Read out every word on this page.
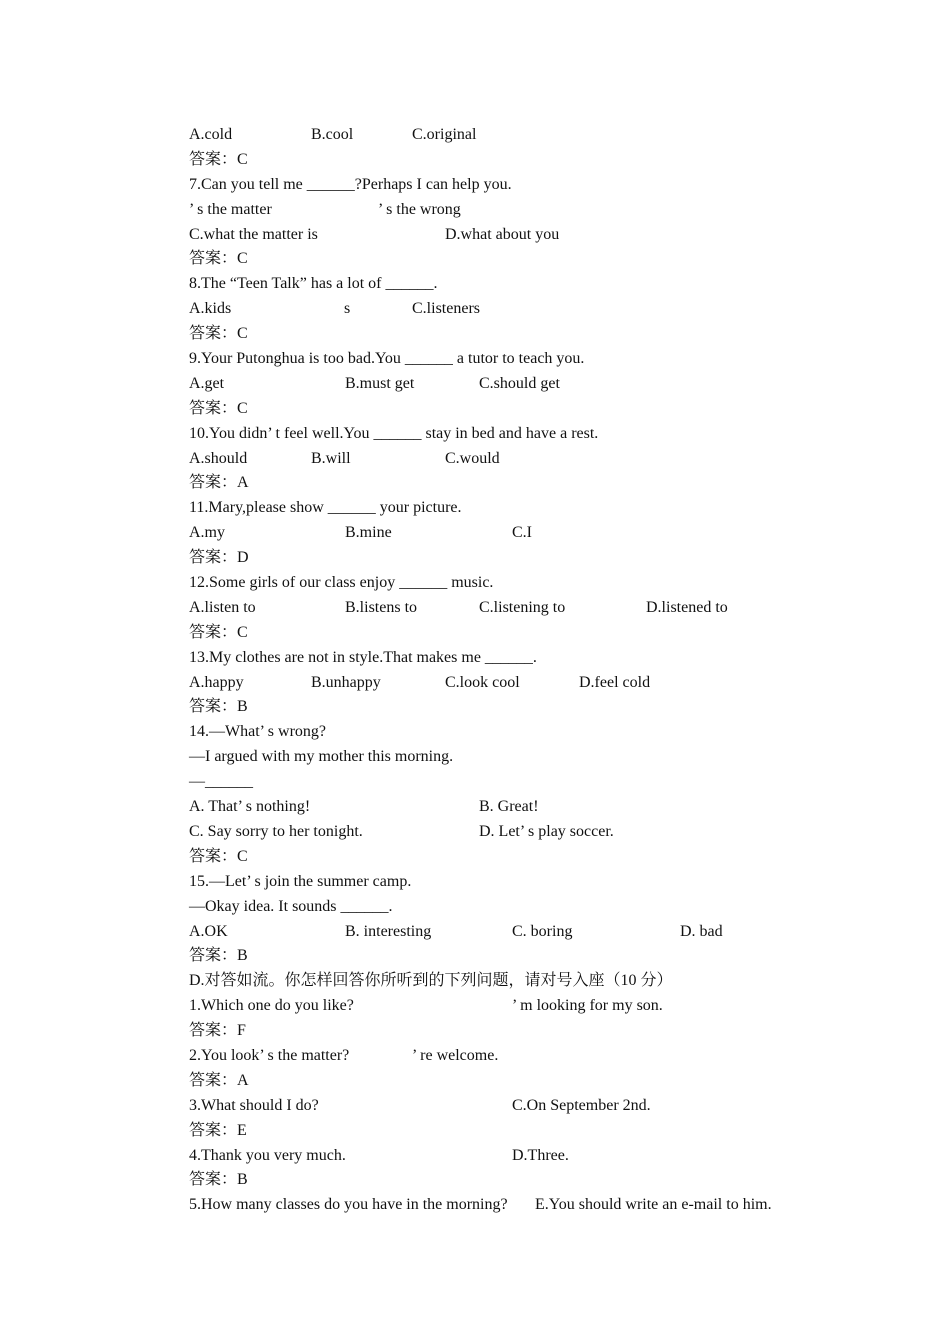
A.cold	B.cool	C.original
答案：C
7.Can you tell me ______?Perhaps I can help you.
’ s the matter	’ s the wrong
C.what the matter is	D.what about you
答案：C
8.The “Teen Talk” has a lot of ______.
A.kids	s	C.listeners
答案：C
9.Your Putonghua is too bad.You ______ a tutor to teach you.
A.get	B.must get	C.should get
答案：C
10.You didn’ t feel well.You ______ stay in bed and have a rest.
A.should	B.will	C.would
答案：A
11.Mary,please show ______ your picture.
A.my	B.mine	C.I
答案：D
12.Some girls of our class enjoy ______ music.
A.listen to	B.listens to	C.listening to	D.listened to
答案：C
13.My clothes are not in style.That makes me ______.
A.happy	B.unhappy	C.look cool	D.feel cold
答案：B
14.—What’ s wrong?
—I argued with my mother this morning.
—______
A. That’ s nothing!	B. Great!
C. Say sorry to her tonight.	D. Let’ s play soccer.
答案：C
15.—Let’ s join the summer camp.
—Okay idea. It sounds ______.
A.OK	B. interesting	C. boring	D. bad
答案：B
D.对答如流。你怎样回答你所听到的下列问题，请对号入座（10 分）
1.Which one do you like?	’ m looking for my son.
答案：F
2.You look’ s the matter?	’ re welcome.
答案：A
3.What should I do?	C.On September 2nd.
答案：E
4.Thank you very much.	D.Three.
答案：B
5.How many classes do you have in the morning? E.You should write an e-mail to him.
